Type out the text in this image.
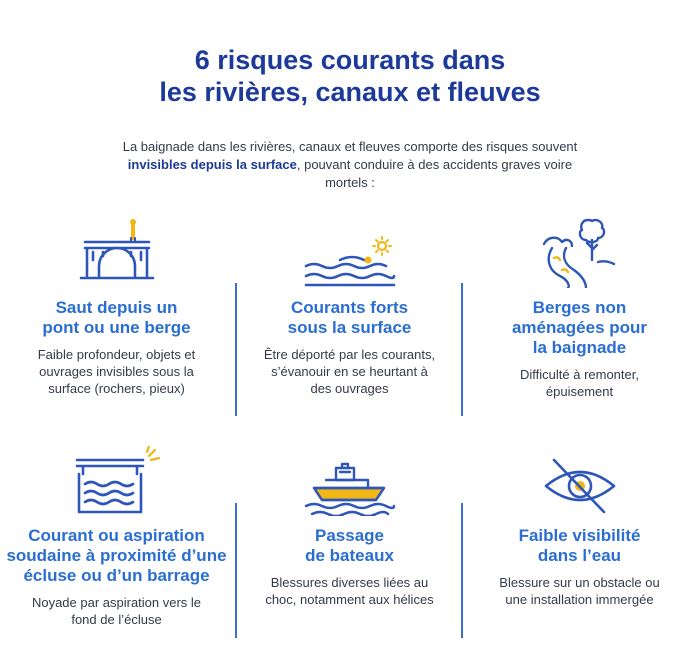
6 risques courants dans
les rivières, canaux et fleuves
La baignade dans les rivières, canaux et fleuves comporte des risques souvent invisibles depuis la surface, pouvant conduire à des accidents graves voire mortels :
Saut depuis un
pont ou une berge
Faible profondeur, objets et ouvrages invisibles sous la surface (rochers, pieux)
Courants forts
sous la surface
Être déporté par les courants, s’évanouir en se heurtant à des ouvrages
Berges non
aménagées pour
la baignade
Difficulté à remonter, épuisement
Courant ou aspiration
soudaine à proximité d’une
écluse ou d’un barrage
Noyade par aspiration vers le fond de l’écluse
Passage
de bateaux
Blessures diverses liées au choc, notamment aux hélices
Faible visibilité
dans l’eau
Blessure sur un obstacle ou une installation immergée
